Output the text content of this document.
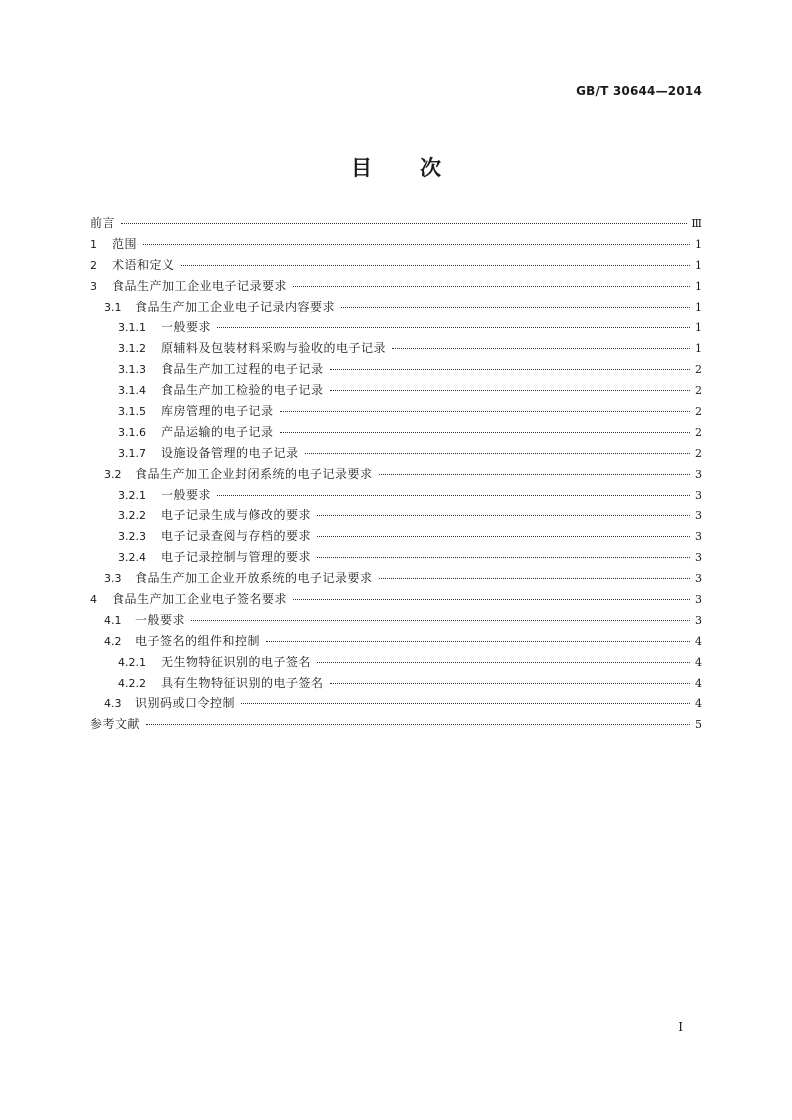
GB/T 30644—2014
目次
前言	Ⅲ
1	范围	1
2	术语和定义	1
3	食品生产加工企业电子记录要求	1
3.1	食品生产加工企业电子记录内容要求	1
3.1.1	一般要求	1
3.1.2	原辅料及包装材料采购与验收的电子记录	1
3.1.3	食品生产加工过程的电子记录	2
3.1.4	食品生产加工检验的电子记录	2
3.1.5	库房管理的电子记录	2
3.1.6	产品运输的电子记录	2
3.1.7	设施设备管理的电子记录	2
3.2	食品生产加工企业封闭系统的电子记录要求	3
3.2.1	一般要求	3
3.2.2	电子记录生成与修改的要求	3
3.2.3	电子记录查阅与存档的要求	3
3.2.4	电子记录控制与管理的要求	3
3.3	食品生产加工企业开放系统的电子记录要求	3
4	食品生产加工企业电子签名要求	3
4.1	一般要求	3
4.2	电子签名的组件和控制	4
4.2.1	无生物特征识别的电子签名	4
4.2.2	具有生物特征识别的电子签名	4
4.3	识别码或口令控制	4
参考文献	5
I
